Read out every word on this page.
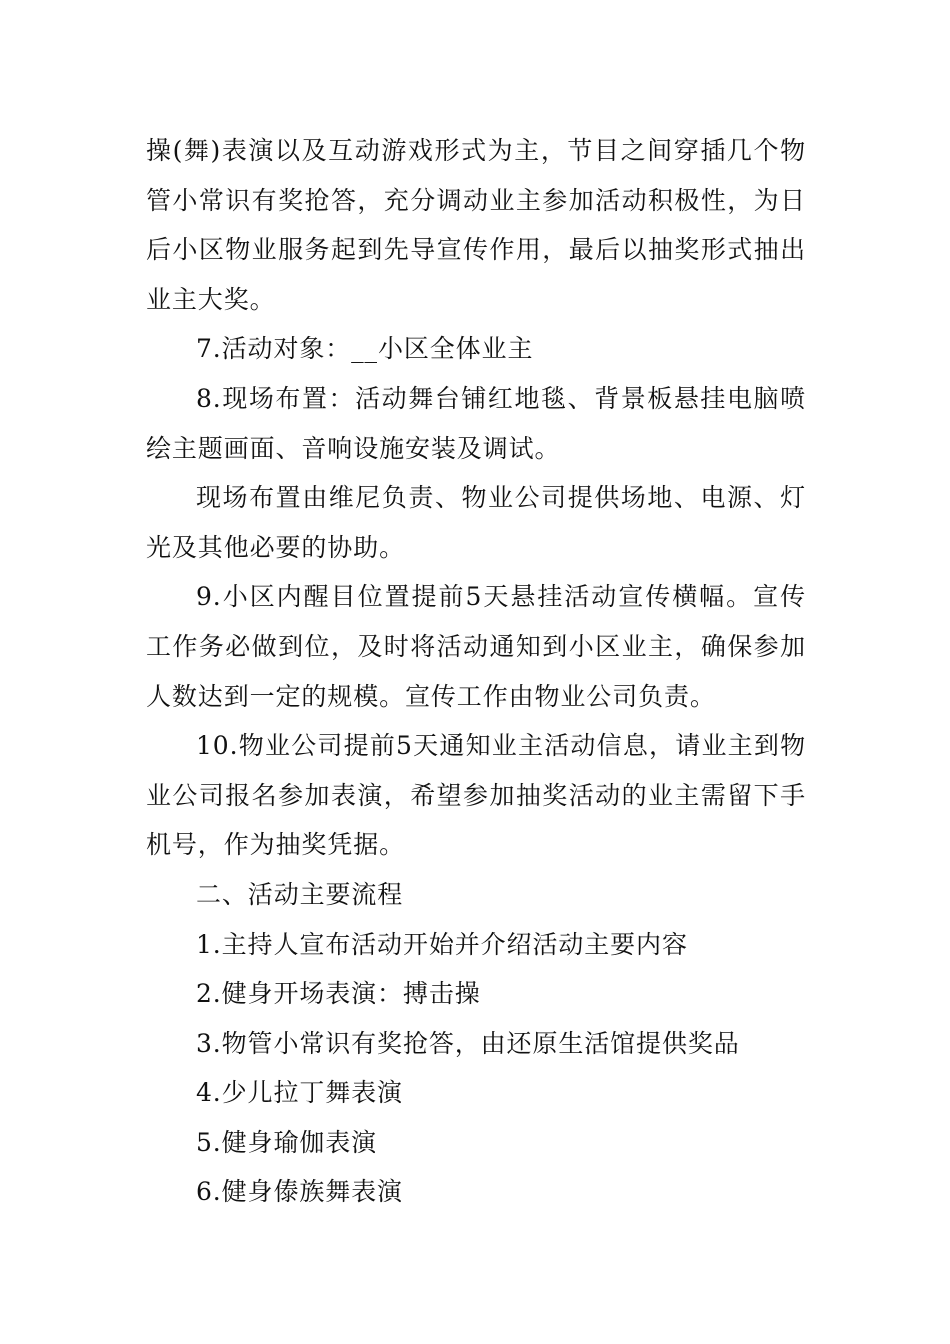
操(舞)表演以及互动游戏形式为主，节目之间穿插几个物管小常识有奖抢答，充分调动业主参加活动积极性，为日后小区物业服务起到先导宣传作用，最后以抽奖形式抽出业主大奖。

7.活动对象：__小区全体业主

8.现场布置：活动舞台铺红地毯、背景板悬挂电脑喷绘主题画面、音响设施安装及调试。

现场布置由维尼负责、物业公司提供场地、电源、灯光及其他必要的协助。

9.小区内醒目位置提前5天悬挂活动宣传横幅。宣传工作务必做到位，及时将活动通知到小区业主，确保参加人数达到一定的规模。宣传工作由物业公司负责。

10.物业公司提前5天通知业主活动信息，请业主到物业公司报名参加表演，希望参加抽奖活动的业主需留下手机号，作为抽奖凭据。

二、活动主要流程

1.主持人宣布活动开始并介绍活动主要内容

2.健身开场表演：搏击操

3.物管小常识有奖抢答，由还原生活馆提供奖品

4.少儿拉丁舞表演

5.健身瑜伽表演

6.健身傣族舞表演
